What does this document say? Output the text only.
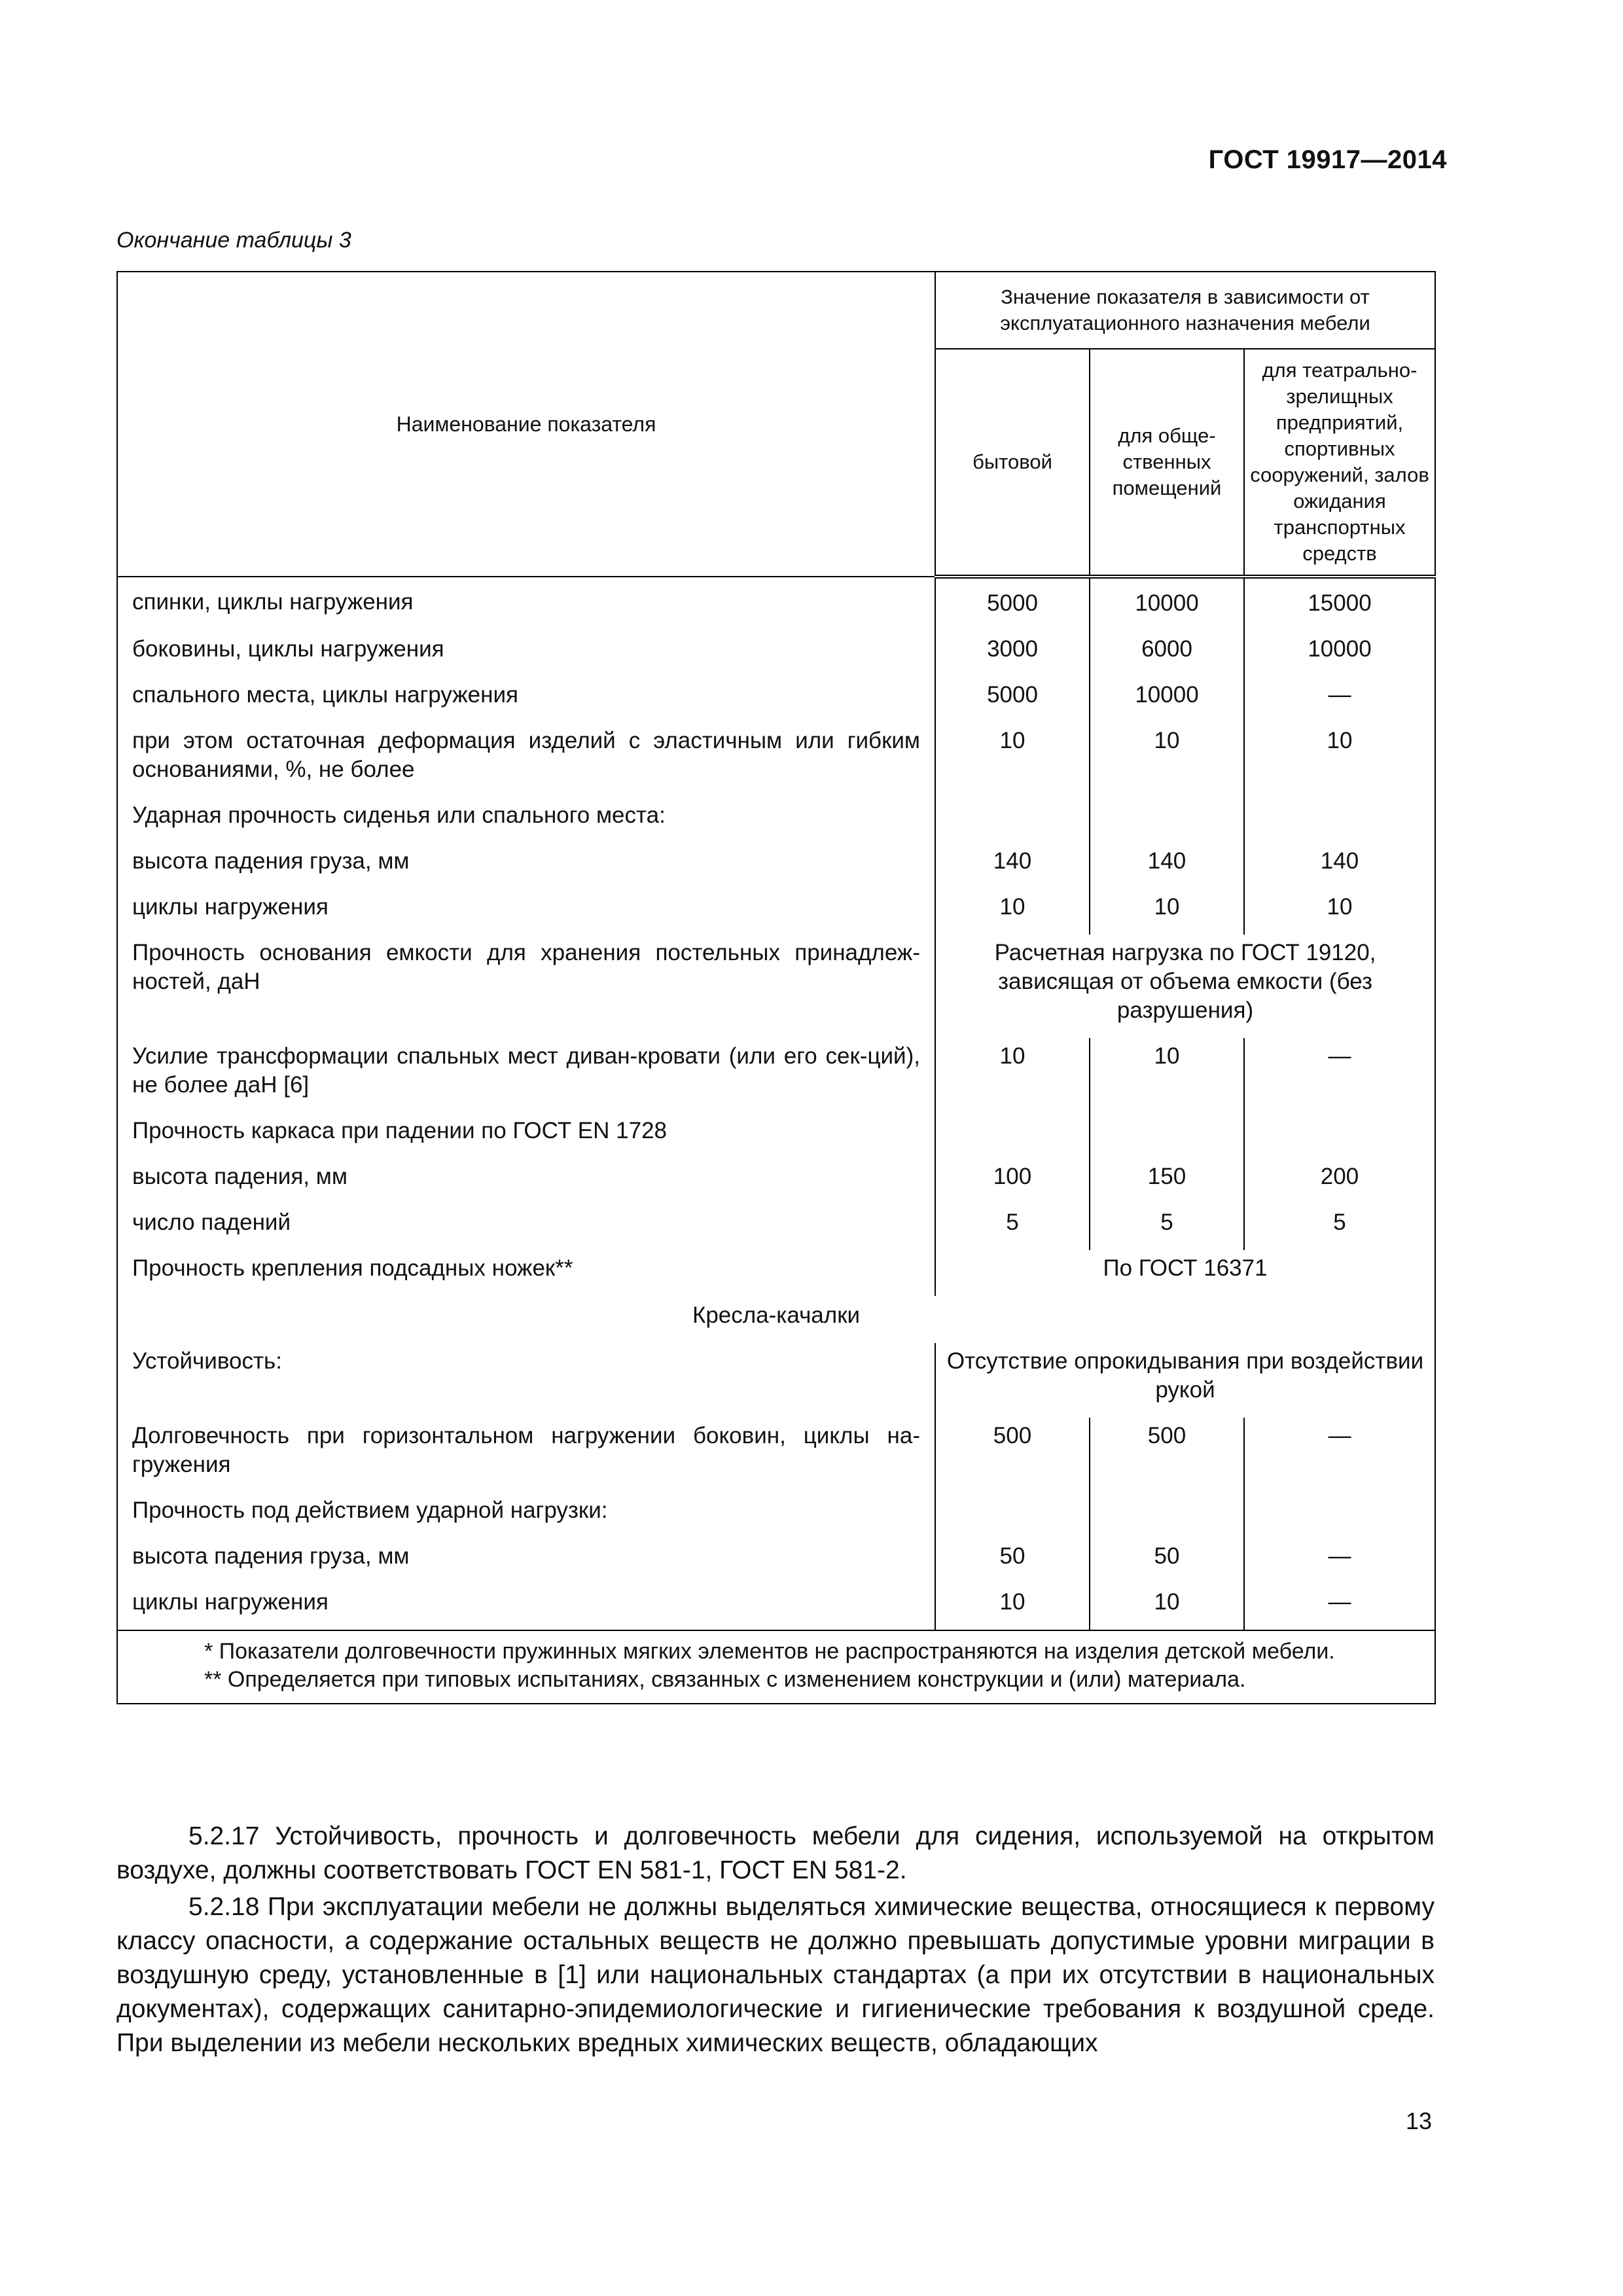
ГОСТ 19917—2014
Окончание таблицы 3
Наименование показателя	Значение показателя в зависимости от эксплуатационного назначения мебели		
	бытовой	для обще-ственных помещений	для театрально-зрелищных предприятий, спортивных сооружений, залов ожидания транспортных средств
спинки, циклы нагружения	5000	10000	15000
боковины, циклы нагружения	3000	6000	10000
спального места, циклы нагружения	5000	10000	—
при этом остаточная деформация изделий с эластичным или гибким основаниями, %, не более	10	10	10
Ударная прочность сиденья или спального места:			
высота падения груза, мм	140	140	140
циклы нагружения	10	10	10
Прочность основания емкости для хранения постельных принадлеж-ностей, даН	Расчетная нагрузка по ГОСТ 19120, зависящая от объема емкости (без разрушения)		
Усилие трансформации спальных мест диван-кровати (или его сек-ций), не более даН [6]	10	10	—
Прочность каркаса при падении по ГОСТ EN 1728			
высота падения, мм	100	150	200
число падений	5	5	5
Прочность крепления подсадных ножек**	По ГОСТ 16371		
Кресла-качалки			
Устойчивость:	Отсутствие опрокидывания при воздействии рукой		
Долговечность при горизонтальном нагружении боковин, циклы на-гружения	500	500	—
Прочность под действием ударной нагрузки:			
высота падения груза, мм	50	50	—
циклы нагружения	10	10	—

* Показатели долговечности пружинных мягких элементов не распространяются на изделия детской мебели.
** Определяется при типовых испытаниях, связанных с изменением конструкции и (или) материала.			

5.2.17 Устойчивость, прочность и долговечность мебели для сидения, используемой на открытом воздухе, должны соответствовать ГОСТ EN 581-1, ГОСТ EN 581-2.

5.2.18 При эксплуатации мебели не должны выделяться химические вещества, относящиеся к первому классу опасности, а содержание остальных веществ не должно превышать допустимые уровни миграции в воздушную среду, установленные в [1] или национальных стандартах (а при их отсутствии в национальных документах), содержащих санитарно-эпидемиологические и гигиенические требования к воздушной среде. При выделении из мебели нескольких вредных химических веществ, обладающих

13
